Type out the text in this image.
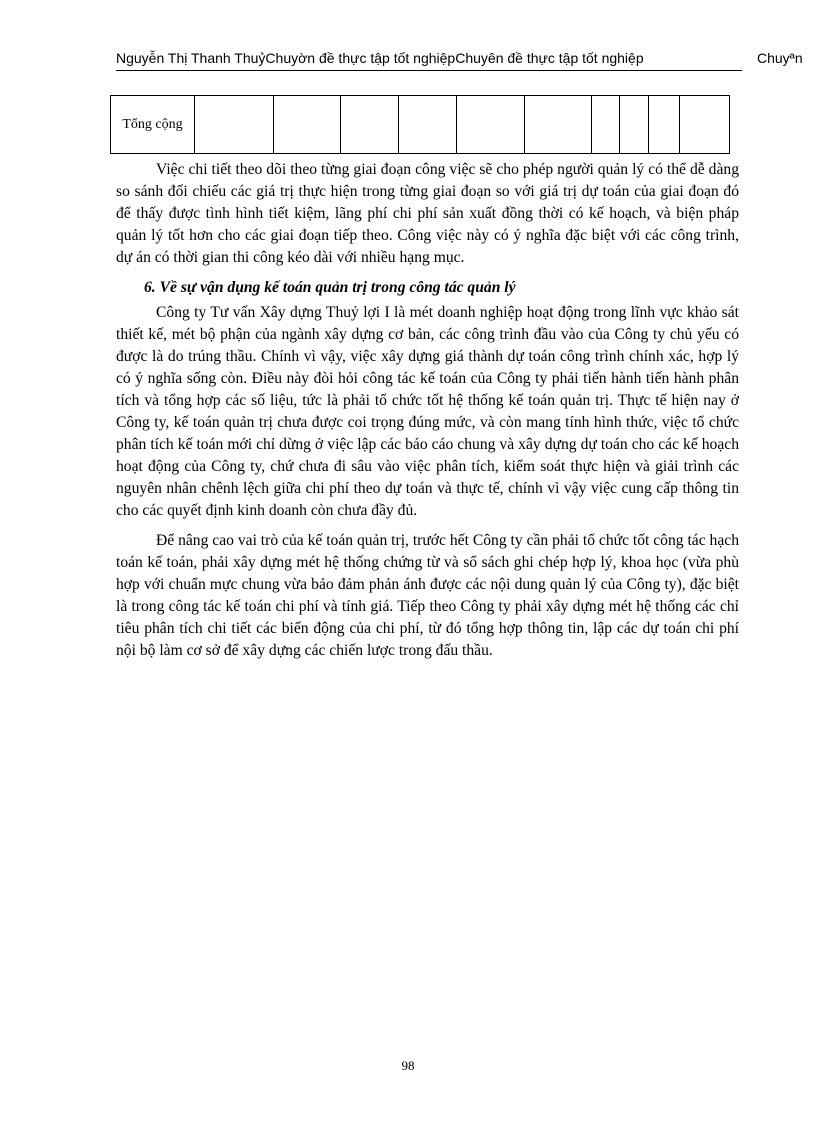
Nguyễn Thị Thanh ThuỷChuyờn đề thực tập tốt nghiệpChuyên đề thực tập tốt nghiệp	Chuyªn
Tổng cộng										

Việc chi tiết theo dõi theo từng giai đoạn công việc sẽ cho phép người quản lý có thể dễ dàng so sánh đối chiếu các giá trị thực hiện trong từng giai đoạn so với giá trị dự toán của giai đoạn đó để thấy được tình hình tiết kiệm, lãng phí chi phí sản xuất đồng thời có kế hoạch, và biện pháp quản lý tốt hơn cho các giai đoạn tiếp theo. Công việc này có ý nghĩa đặc biệt với các công trình, dự án có thời gian thi công kéo dài với nhiều hạng mục.

6. Về sự vận dụng kế toán quản trị trong công tác quản lý

Công ty Tư vấn Xây dựng Thuỷ lợi I là mét doanh nghiệp hoạt động trong lĩnh vực khảo sát thiết kế, mét bộ phận của ngành xây dựng cơ bản, các công trình đầu vào của Công ty chủ yếu có được là do trúng thầu. Chính vì vậy, việc xây dựng giá thành dự toán công trình chính xác, hợp lý có ý nghĩa sống còn. Điều này đòi hỏi công tác kế toán của Công ty phải tiến hành tiến hành phân tích và tổng hợp các số liệu, tức là phải tổ chức tốt hệ thống kế toán quản trị. Thực tế hiện nay ở Công ty, kế toán quản trị chưa được coi trọng đúng mức, và còn mang tính hình thức, việc tổ chức phân tích kế toán mới chỉ dừng ở việc lập các báo cáo chung và xây dựng dự toán cho các kế hoạch hoạt động của Công ty, chứ chưa đi sâu vào việc phân tích, kiểm soát thực hiện và giải trình các nguyên nhân chênh lệch giữa chi phí theo dự toán và thực tế, chính vì vậy việc cung cấp thông tin cho các quyết định kinh doanh còn chưa đầy đủ.

Để nâng cao vai trò của kế toán quản trị, trước hết Công ty cần phải tổ chức tốt công tác hạch toán kế toán, phải xây dựng mét hệ thống chứng từ và sổ sách ghi chép hợp lý, khoa học (vừa phù hợp với chuẩn mực chung vừa bảo đảm phản ánh được các nội dung quản lý của Công ty), đặc biệt là trong công tác kế toán chi phí và tính giá. Tiếp theo Công ty phải xây dựng mét hệ thống các chỉ tiêu phân tích chi tiết các biến động của chi phí, từ đó tổng hợp thông tin, lập các dự toán chi phí nội bộ làm cơ sở để xây dựng các chiến lược trong đấu thầu.

98
